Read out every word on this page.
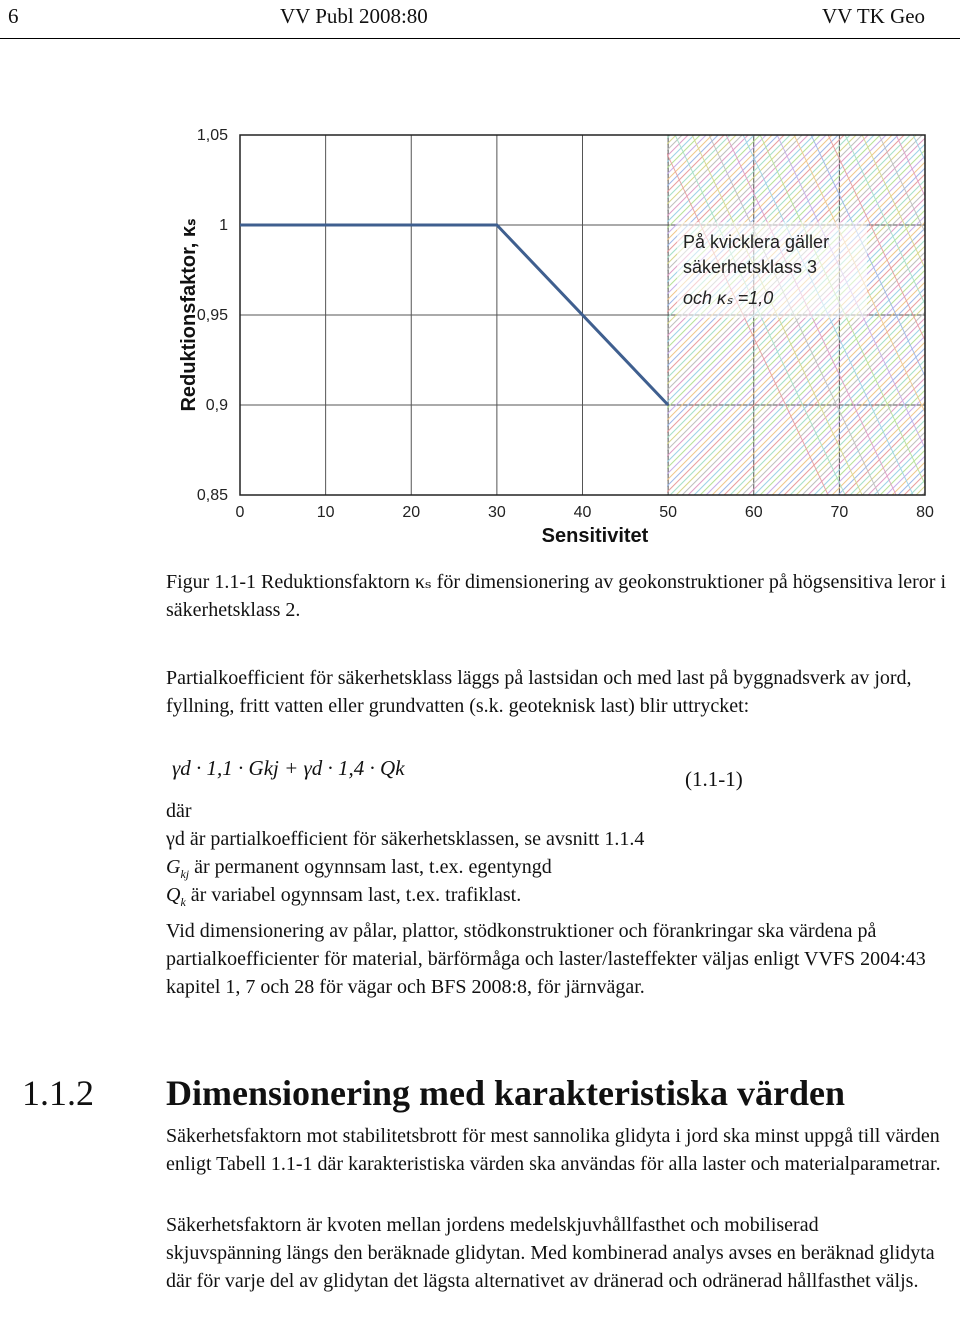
6	VV Publ 2008:80	VV TK Geo
0	10	20	30	40	50	60	70	80
0,85
0,9
0,95
1
1,05
Sensitivitet
Reduktionsfaktor, κₛ	På kvicklera gäller
säkerhetsklass 3
och κₛ =1,0
Figur 1.1-1 Reduktionsfaktorn κₛ för dimensionering av geokonstruktioner på högsensitiva leror i säkerhetsklass 2.
Partialkoefficient för säkerhetsklass läggs på lastsidan och med last på byggnadsverk av jord, fyllning, fritt vatten eller grundvatten (s.k. geoteknisk last) blir uttrycket:
γd · 1,1 · Gkj + γd · 1,4 · Qk	(1.1-1)
där
γd är partialkoefficient för säkerhetsklassen, se avsnitt 1.1.4
$G_{kj}$ är permanent ogynnsam last, t.ex. egentyngd
$Q_k$ är variabel ogynnsam last, t.ex. trafiklast.
Vid dimensionering av pålar, plattor, stödkonstruktioner och förankringar ska värdena på partialkoefficienter för material, bärförmåga och laster/lasteffekter väljas enligt VVFS 2004:43 kapitel 1, 7 och 28 för vägar och BFS 2008:8, för järnvägar.
1.1.2 Dimensionering med karakteristiska värden
Säkerhetsfaktorn mot stabilitetsbrott för mest sannolika glidyta i jord ska minst uppgå till värden enligt Tabell 1.1-1 där karakteristiska värden ska användas för alla laster och materialparametrar.
Säkerhetsfaktorn är kvoten mellan jordens medelskjuvhållfasthet och mobiliserad skjuvspänning längs den beräknade glidytan. Med kombinerad analys avses en beräknad glidyta där för varje del av glidytan det lägsta alternativet av dränerad och odränerad hållfasthet väljs.
